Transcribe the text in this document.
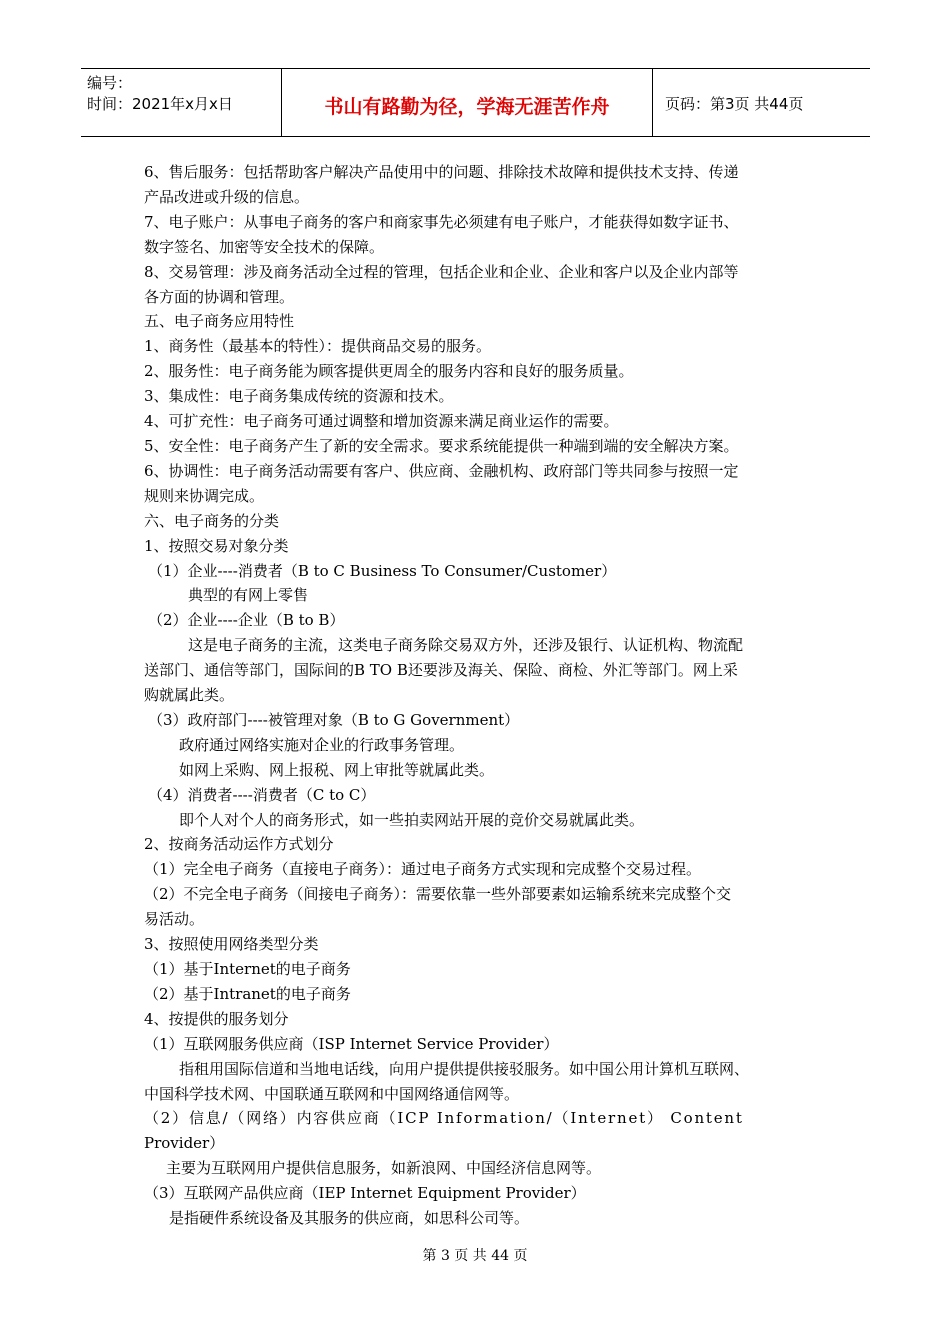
编号：
时间：2021年x月x日	书山有路勤为径，学海无涯苦作舟	页码：第3页 共44页
6、售后服务：包括帮助客户解决产品使用中的问题、排除技术故障和提供技术支持、传递
产品改进或升级的信息。
7、电子账户：从事电子商务的客户和商家事先必须建有电子账户，才能获得如数字证书、
数字签名、加密等安全技术的保障。
8、交易管理：涉及商务活动全过程的管理，包括企业和企业、企业和客户以及企业内部等
各方面的协调和管理。
五、电子商务应用特性
1、商务性（最基本的特性）：提供商品交易的服务。
2、服务性：电子商务能为顾客提供更周全的服务内容和良好的服务质量。
3、集成性：电子商务集成传统的资源和技术。
4、可扩充性：电子商务可通过调整和增加资源来满足商业运作的需要。
5、安全性：电子商务产生了新的安全需求。要求系统能提供一种端到端的安全解决方案。
6、协调性：电子商务活动需要有客户、供应商、金融机构、政府部门等共同参与按照一定
规则来协调完成。
六、电子商务的分类
1、按照交易对象分类
（1）企业----消费者（B to C Business To Consumer/Customer）
典型的有网上零售
（2）企业----企业（B to B）
这是电子商务的主流，这类电子商务除交易双方外，还涉及银行、认证机构、物流配
送部门、通信等部门，国际间的B TO B还要涉及海关、保险、商检、外汇等部门。网上采
购就属此类。
（3）政府部门----被管理对象（B to G Government）
政府通过网络实施对企业的行政事务管理。
如网上采购、网上报税、网上审批等就属此类。
（4）消费者----消费者（C to C）
即个人对个人的商务形式，如一些拍卖网站开展的竞价交易就属此类。
2、按商务活动运作方式划分
（1）完全电子商务（直接电子商务）：通过电子商务方式实现和完成整个交易过程。
（2）不完全电子商务（间接电子商务）：需要依靠一些外部要素如运输系统来完成整个交
易活动。
3、按照使用网络类型分类
（1）基于Internet的电子商务
（2）基于Intranet的电子商务
4、按提供的服务划分
（1）互联网服务供应商（ISP Internet Service Provider）
指租用国际信道和当地电话线，向用户提供提供接驳服务。如中国公用计算机互联网、
中国科学技术网、中国联通互联网和中国网络通信网等。
（2）信息/（网络）内容供应商（ICP Information/（Internet） Content
Provider）
主要为互联网用户提供信息服务，如新浪网、中国经济信息网等。
（3）互联网产品供应商（IEP Internet Equipment Provider）
是指硬件系统设备及其服务的供应商，如思科公司等。
第 3 页 共 44 页
